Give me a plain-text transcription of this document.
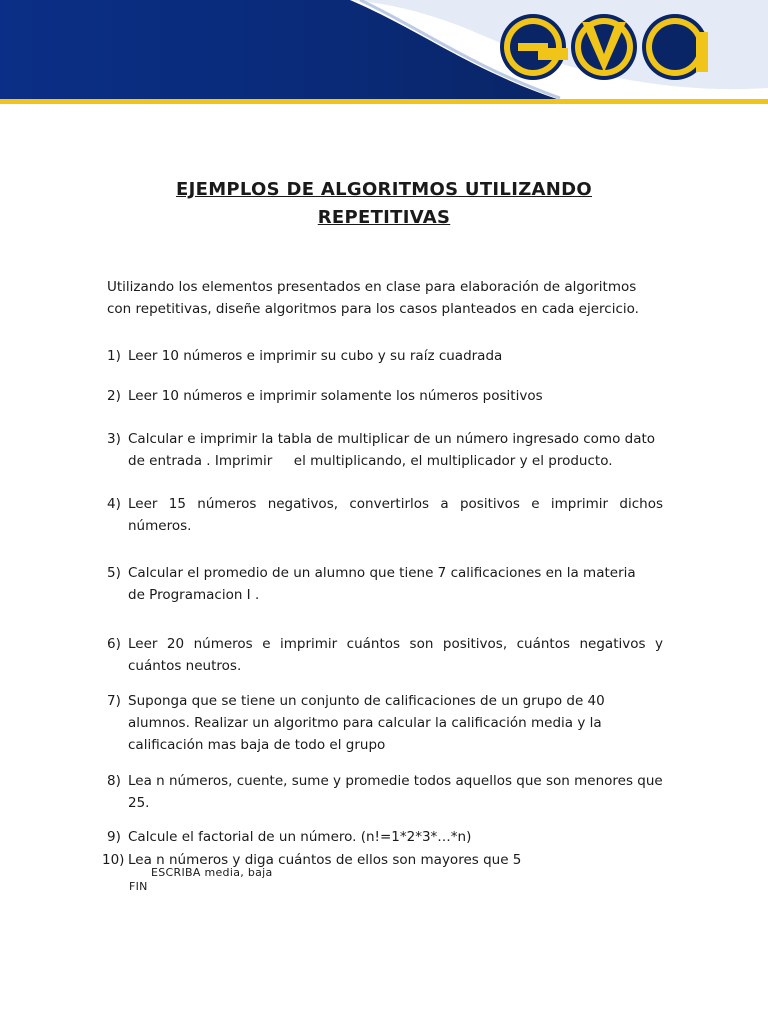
EJEMPLOS DE ALGORITMOS UTILIZANDO
REPETITIVAS
Utilizando los elementos presentados en clase para elaboración de algoritmos
con repetitivas, diseñe algoritmos para los casos planteados en cada ejercicio.
1) Leer 10 números e imprimir su cubo y su raíz cuadrada
2) Leer 10 números e imprimir solamente los números positivos
3) Calcular e imprimir la tabla de multiplicar de un número ingresado como dato
de entrada . Imprimir     el multiplicando, el multiplicador y el producto.
4) Leer 15 números negativos, convertirlos a positivos e imprimir dichos
números.
5) Calcular el promedio de un alumno que tiene 7 calificaciones en la materia
de Programacion I .
6) Leer 20 números e imprimir cuántos son positivos, cuántos negativos y
cuántos neutros.
7) Suponga que se tiene un conjunto de calificaciones de un grupo de 40
alumnos. Realizar un algoritmo para calcular la calificación media y la
calificación mas baja de todo el grupo
8) Lea n números, cuente, sume y promedie todos aquellos que son menores que
25.
9) Calcule el factorial de un número. (n!=1*2*3*…*n)
10) Lea n números y diga cuántos de ellos son mayores que 5
ESCRIBA media, baja
FIN
